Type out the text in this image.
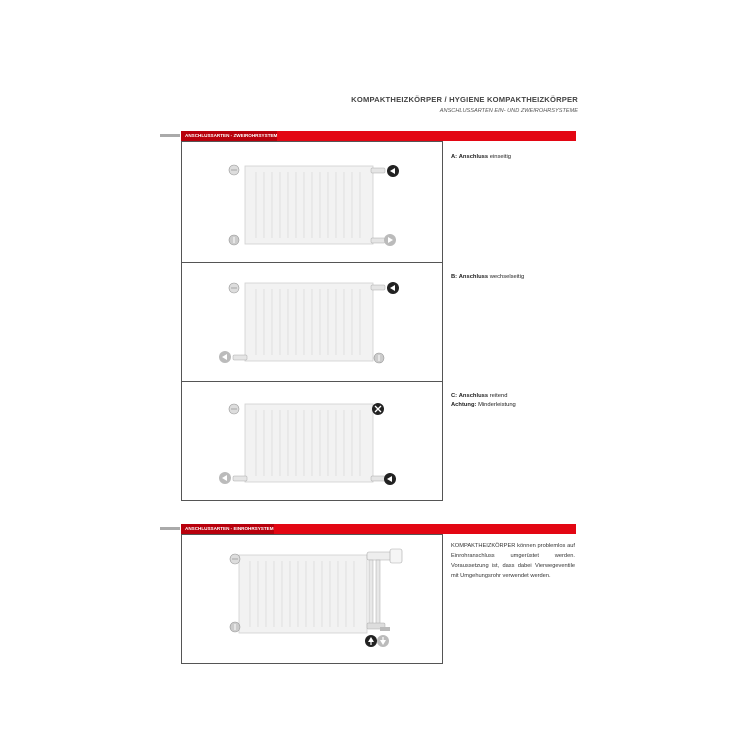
KOMPAKTHEIZKÖRPER / HYGIENE KOMPAKTHEIZKÖRPER
ANSCHLUSSARTEN EIN- UND ZWEIROHRSYSTEME
ANSCHLUSSARTEN - ZWEIROHRSYSTEM
A: Anschluss einseitig
B: Anschluss wechselseitig
C: Anschluss reitend
Achtung: Minderleistung
ANSCHLUSSARTEN - EINROHRSYSTEM
KOMPAKTHEIZKÖRPER können problemlos auf Einrohranschluss umgerüstet werden. Voraussetzung ist, dass dabei Vierwegeventile mit Umgehungsrohr verwendet werden.
